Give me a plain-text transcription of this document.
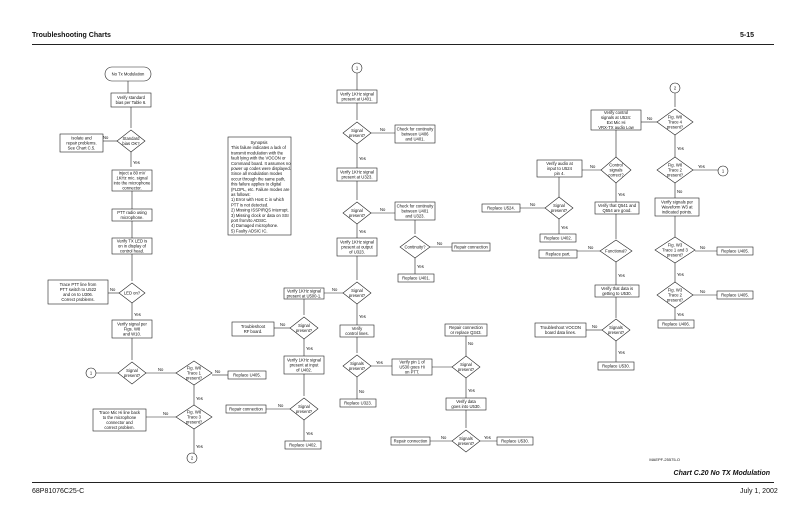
Troubleshooting Charts	5-15
No Tx Modulation
Verify standard
bias per Table 6.
Standard
bias OK?
No
Isolate and
repair problems.
See Chart C.5.
Yes
Inject a 80 mV
1KHz mic. signal
into the microphone
connector.
PTT radio using
microphone.
Verify TX LED is
on in display of
control head.
LED on?
No
Trace PTT line from
PTT switch to U522
and on to U306.
Correct problems.
Yes
Verify signal per
Figs. W8
and W10.
Signal
present?
1
No	Fig. W8
Trace 1
present?
No
Replace U405.
Yes
Fig. W8
Trace 3
present?
No
Trace Mic Hi line back
to the microphone
connector and
correct problem.
Yes
2
Synopsis
This failure indicates a lack of
transmit modulation with the
fault lying with the VOCON or
Command board. It assumes no
power up codes were displayed.
Since all modulation modes
occur through the same path,
this failure applies to digital
(FLDPL, etc. Failure modes are
as follows:
1) Error with Host C in which
PTT is not detected.
2) Missing ISSPIRQS interrupt.
3) Missing clock or data on SSI
port from/to ADSIC.
4) Damaged microphone.
5) Faulty ADSIC IC.
1
Verify 1KHz signal
present at U401.
Signal
present?
No	Check for continuity
between U406
and U401.
Yes
Verify 1KHz signal
present at U323.
Signal
present?
No
Check for continuity
between U401
and U323.
Continuity?
No
Repair connection
Yes
Replace U401.
Yes
Verify 1KHz signal
present at output
of U323.
Signal
present?
No
Verify 1KHz signal
present at U500-1.
Signal
present?
No
Troubleshoot
RF board.
Yes
Verify 1KHz signal
present at input
of U402.
Signal
present?
No
Repair connection
Yes
Replace U402.
Yes
Verify
control lines.
Signals
present?
Yes	Verify pin 1 of
U530 goes Hi
on PTT.
No
Replace U323.
Signal
present?
No
Repair connection
or replace Q343.
Yes
Verify data
goes into U530.
Signals
present?
No
Repair connection
Yes
Replace U530.
Verify control
signals at U524:
Ext Mic Hi
VRX-TX audio Low
Control
signals
correct?
No
Verify audio at
input to U524
pin 4.
Signal
present?
No
Replace U524.
Yes
Replace U402.
Yes
Verify that Q541 and
Q554 are good.
Functional?
No
Replace part.
Yes
Verify that data is
getting to U530.
Signals
present?
No
Troubleshoot VOCON
board data lines.
Yes
Replace U530.
2
Fig. W8
Trace 4
present?
No
Yes
Fig. W8
Trace 2
present?
Yes
1
No
Verify signals per
Waveform W3 at
indicated points.
Fig. W3
Trace 1 and 3
present?
No
Replace U405.
Yes
Fig. W3
Trace 2
present?
No
Replace U405.
Yes
Replace U406.
MAEPF-25575-O
Chart C.20 No TX Modulation
68P81076C25-C	July 1, 2002
